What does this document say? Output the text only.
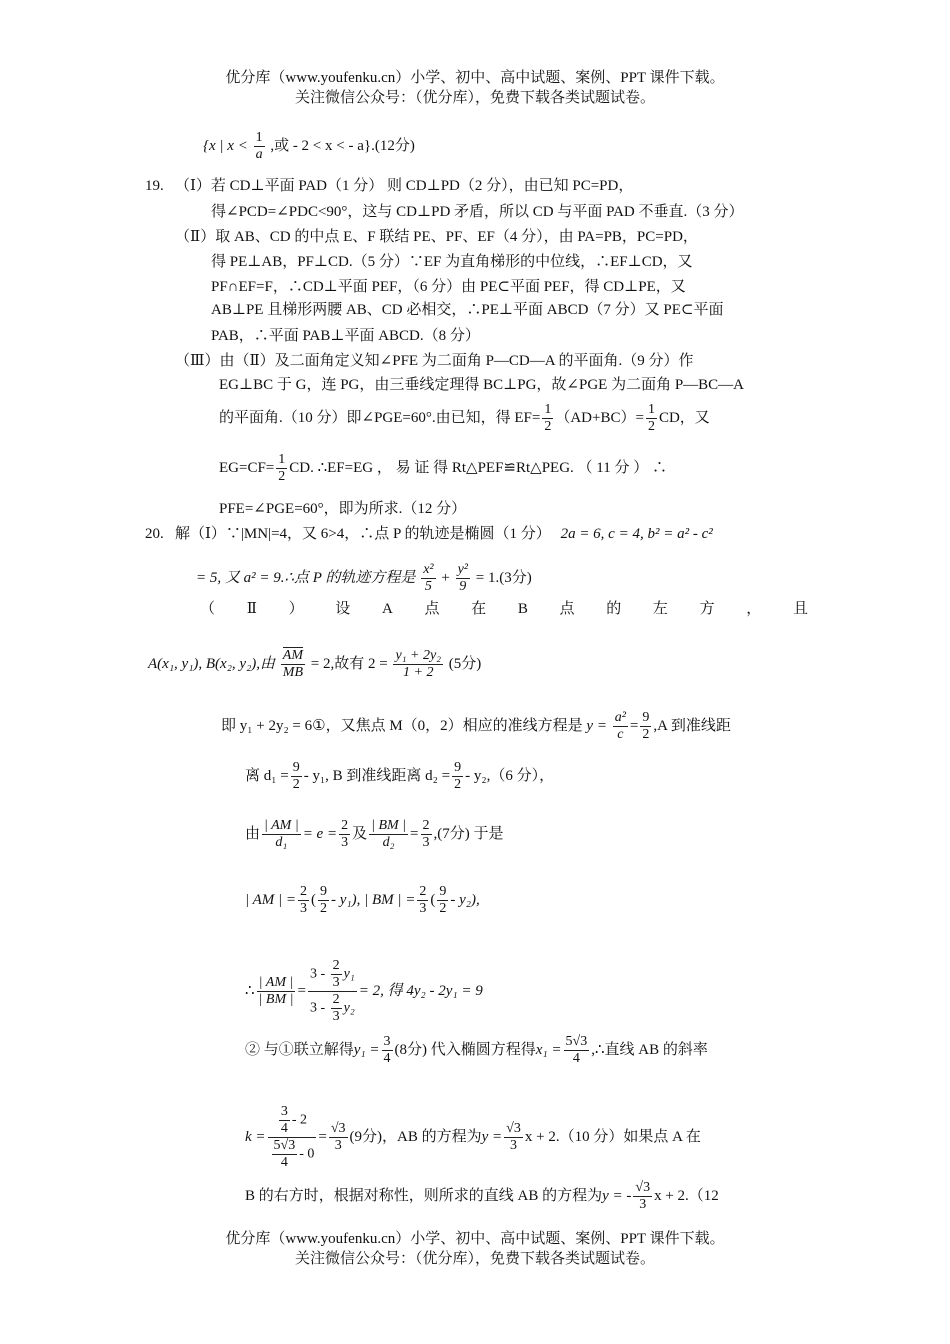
优分库（www.youfenku.cn）小学、初中、高中试题、案例、PPT 课件下载。
关注微信公众号：（优分库），免费下载各类试题试卷。
{x | $x < \frac{1}{a}$ ,或 - 2 < x < - a}.(12分)
19. （Ⅰ）若 CD⊥平面 PAD（1 分） 则 CD⊥PD（2 分），由已知 PC=PD，
得∠PCD=∠PDC<90°，这与 CD⊥PD 矛盾，所以 CD 与平面 PAD 不垂直.（3 分）
（Ⅱ）取 AB、CD 的中点 E、F 联结 PE、PF、EF（4 分），由 PA=PB，PC=PD，
得 PE⊥AB，PF⊥CD.（5 分）∵EF 为直角梯形的中位线，∴EF⊥CD，又
PF∩EF=F，∴CD⊥平面 PEF，（6 分）由 PE⊂平面 PEF，得 CD⊥PE，又
AB⊥PE 且梯形两腰 AB、CD 必相交，∴PE⊥平面 ABCD（7 分）又 PE⊂平面
PAB，∴平面 PAB⊥平面 ABCD.（8 分）
（Ⅲ）由（Ⅱ）及二面角定义知∠PFE 为二面角 P—CD—A 的平面角.（9 分）作
EG⊥BC 于 G，连 PG，由三垂线定理得 BC⊥PG，故∠PGE 为二面角 P—BC—A
的平面角.（10 分）即∠PGE=60°.由已知，得 $EF= \frac{1}{2} (AD+BC)= \frac{1}{2}$ CD，又
$EG=CF= \frac{1}{2}$ CD. ∴EF=EG ， 易 证 得 Rt△PEF≌Rt△PEG. （ 11 分 ） ∴
PFE=∠PGE=60°，即为所求.（12 分）
20. 解（Ⅰ）∵|MN|=4，又 6>4，∴点 P 的轨迹是椭圆（1 分） 2a = 6, c = 4, b² = a² - c²
= 5, 又 a² = 9.∴点 P 的轨迹方程是 $\frac{\text{x²}}{5} + \frac{\text{y²}}{9} = 1.(3$分)
（ Ⅱ ） 设 A 点 在 B 点 的 左 方 ， 且
A(x₁, y₁), B(x₂, y₂),由 $\frac{AM}{MB} = 2$,故有 $2 = \frac{\text{y₁ + 2y₂}}{1 + 2} (5$分)
即 y₁ + 2y₂ = 6①，又焦点 M（0，2）相应的准线方程是 $y = \frac{\text{a²}}{c} = \frac{9}{2} ,A$ 到准线距
离 $d_1 = \frac{9}{2} - y_1$, B 到准线距离 $d_2 = \frac{9}{2} - y_2,(6$ 分），
由 $\frac{| AM |}{\text{d₁}} = e = \frac{2}{3}$ 及 $\frac{| BM |}{\text{d₂}} = \frac{2}{3} ,(7$分) 于是
| AM | = $\frac{2}{3}$ ( $\frac{9}{2} - y_1$), | BM | = $\frac{2}{3}$ ( $\frac{9}{2} - y_2$),
∴ $\frac{| AM |}{| BM |} = \frac{3 - \frac{2}{3} y_1}{3 - \frac{2}{3} y_2} = 2$, 得 4y₂ - 2y₁ = 9
② 与①联立解得$y_1 = \frac{3}{4} (8$分) 代入椭圆方程得$x_1 = \frac{5√3}{4}$ ,∴直线 AB 的斜率
$k = \frac{\frac{3}{4} - 2}{\frac{5√3}{4} - 0} = \frac{√3}{3} (9$分)，AB 的方程为$y = \frac{√3}{3}$ x + 2.（10 分）如果点 A 在
B 的右方时，根据对称性，则所求的直线 AB 的方程为y = - $\frac{√3}{3}$ x + 2.（12
优分库（www.youfenku.cn）小学、初中、高中试题、案例、PPT 课件下载。
关注微信公众号：（优分库），免费下载各类试题试卷。
